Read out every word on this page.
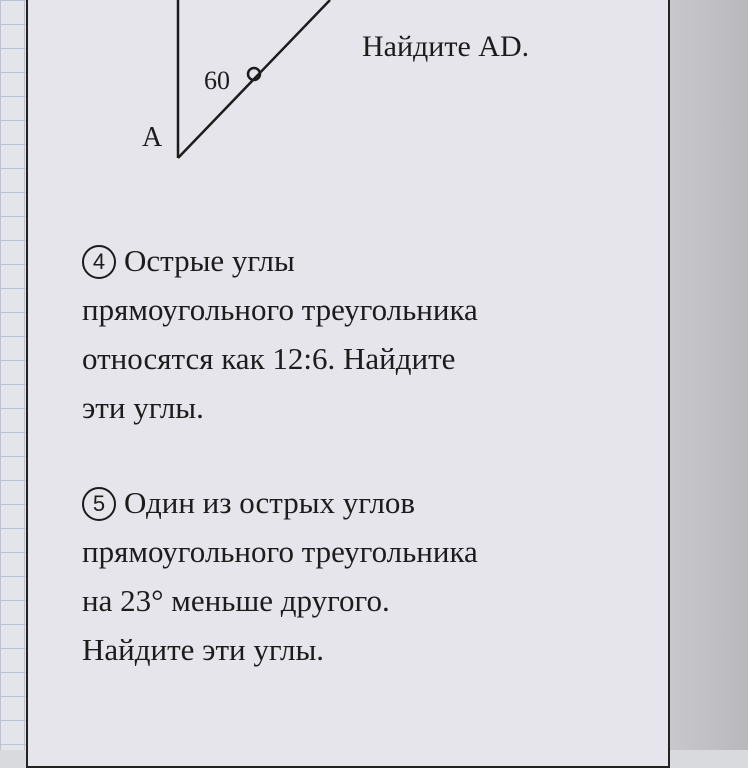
Найдите AD.
60
A
4 Острые углы
прямоугольного треугольника
относятся как 12:6. Найдите
эти углы.
5 Один из острых углов
прямоугольного треугольника
на 23° меньше другого.
Найдите эти углы.
